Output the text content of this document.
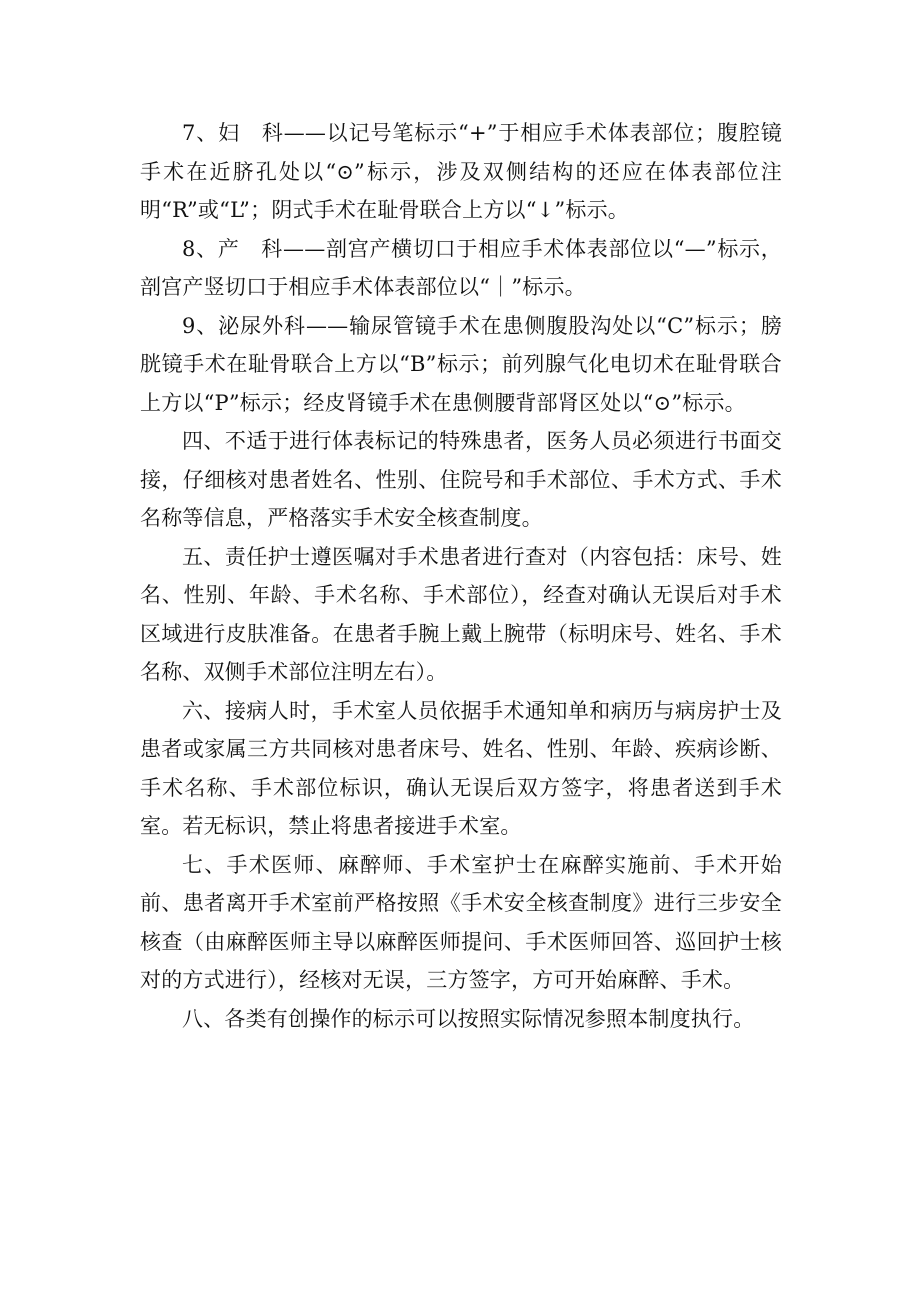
7、妇　科——以记号笔标示“+”于相应手术体表部位；腹腔镜手术在近脐孔处以“⊙”标示，涉及双侧结构的还应在体表部位注明“R”或“L”；阴式手术在耻骨联合上方以“↓”标示。

8、产　科——剖宫产横切口于相应手术体表部位以“—”标示，剖宫产竖切口于相应手术体表部位以“｜”标示。

9、泌尿外科——输尿管镜手术在患侧腹股沟处以“C”标示；膀胱镜手术在耻骨联合上方以“B”标示；前列腺气化电切术在耻骨联合上方以“P”标示；经皮肾镜手术在患侧腰背部肾区处以“⊙”标示。

四、不适于进行体表标记的特殊患者，医务人员必须进行书面交接，仔细核对患者姓名、性别、住院号和手术部位、手术方式、手术名称等信息，严格落实手术安全核查制度。

五、责任护士遵医嘱对手术患者进行查对（内容包括：床号、姓名、性别、年龄、手术名称、手术部位），经查对确认无误后对手术区域进行皮肤准备。在患者手腕上戴上腕带（标明床号、姓名、手术名称、双侧手术部位注明左右）。

六、接病人时，手术室人员依据手术通知单和病历与病房护士及患者或家属三方共同核对患者床号、姓名、性别、年龄、疾病诊断、手术名称、手术部位标识，确认无误后双方签字，将患者送到手术室。若无标识，禁止将患者接进手术室。

七、手术医师、麻醉师、手术室护士在麻醉实施前、手术开始前、患者离开手术室前严格按照《手术安全核查制度》进行三步安全核查（由麻醉医师主导以麻醉医师提问、手术医师回答、巡回护士核对的方式进行），经核对无误，三方签字，方可开始麻醉、手术。

八、各类有创操作的标示可以按照实际情况参照本制度执行。
